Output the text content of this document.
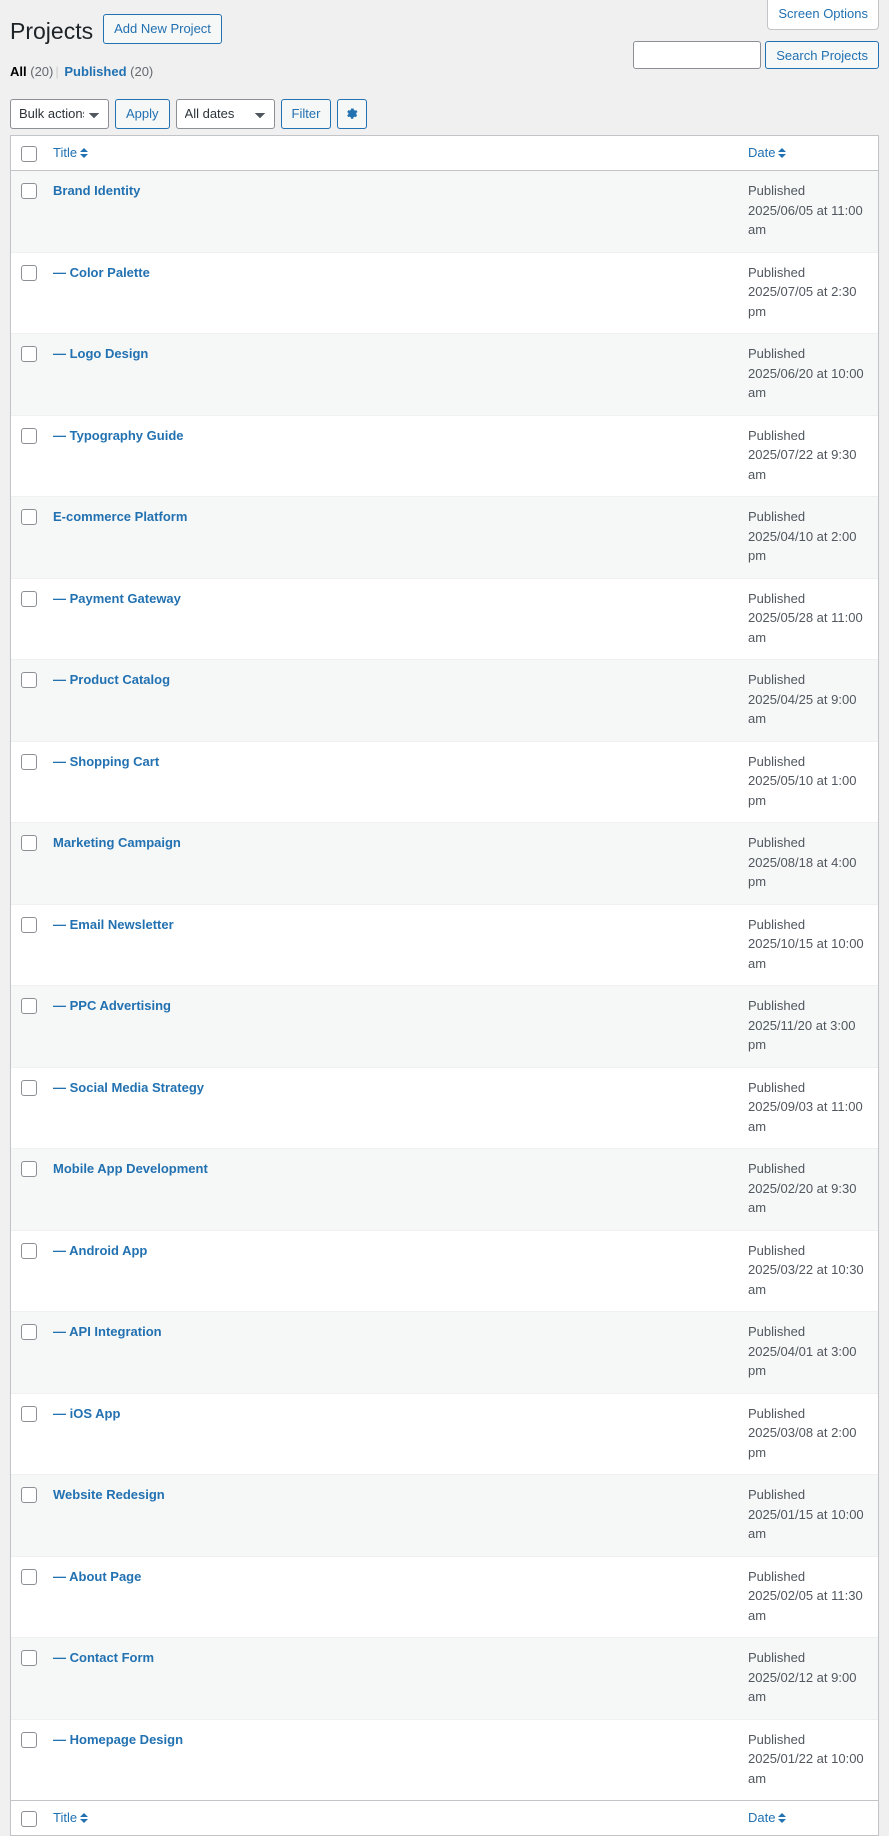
Screen Options
Projects	Add New Project
All (20) | Published (20)
Search Projects
Bulk actions
Apply
All dates	Filter

Title	Date

	Brand Identity	Published
2025/06/05 at 11:00 am

	— Color Palette	Published
2025/07/05 at 2:30 pm

	— Logo Design	Published
2025/06/20 at 10:00 am

	— Typography Guide	Published
2025/07/22 at 9:30 am

	E-commerce Platform	Published
2025/04/10 at 2:00 pm

	— Payment Gateway	Published
2025/05/28 at 11:00 am

	— Product Catalog	Published
2025/04/25 at 9:00 am

	— Shopping Cart	Published
2025/05/10 at 1:00 pm

	Marketing Campaign	Published
2025/08/18 at 4:00 pm

	— Email Newsletter	Published
2025/10/15 at 10:00 am

	— PPC Advertising	Published
2025/11/20 at 3:00 pm

	— Social Media Strategy	Published
2025/09/03 at 11:00 am

	Mobile App Development	Published
2025/02/20 at 9:30 am

	— Android App	Published
2025/03/22 at 10:30 am

	— API Integration	Published
2025/04/01 at 3:00 pm

	— iOS App	Published
2025/03/08 at 2:00 pm

	Website Redesign	Published
2025/01/15 at 10:00 am

	— About Page	Published
2025/02/05 at 11:30 am

	— Contact Form	Published
2025/02/12 at 9:00 am

	— Homepage Design	Published
2025/01/22 at 10:00 am

Title	Date
